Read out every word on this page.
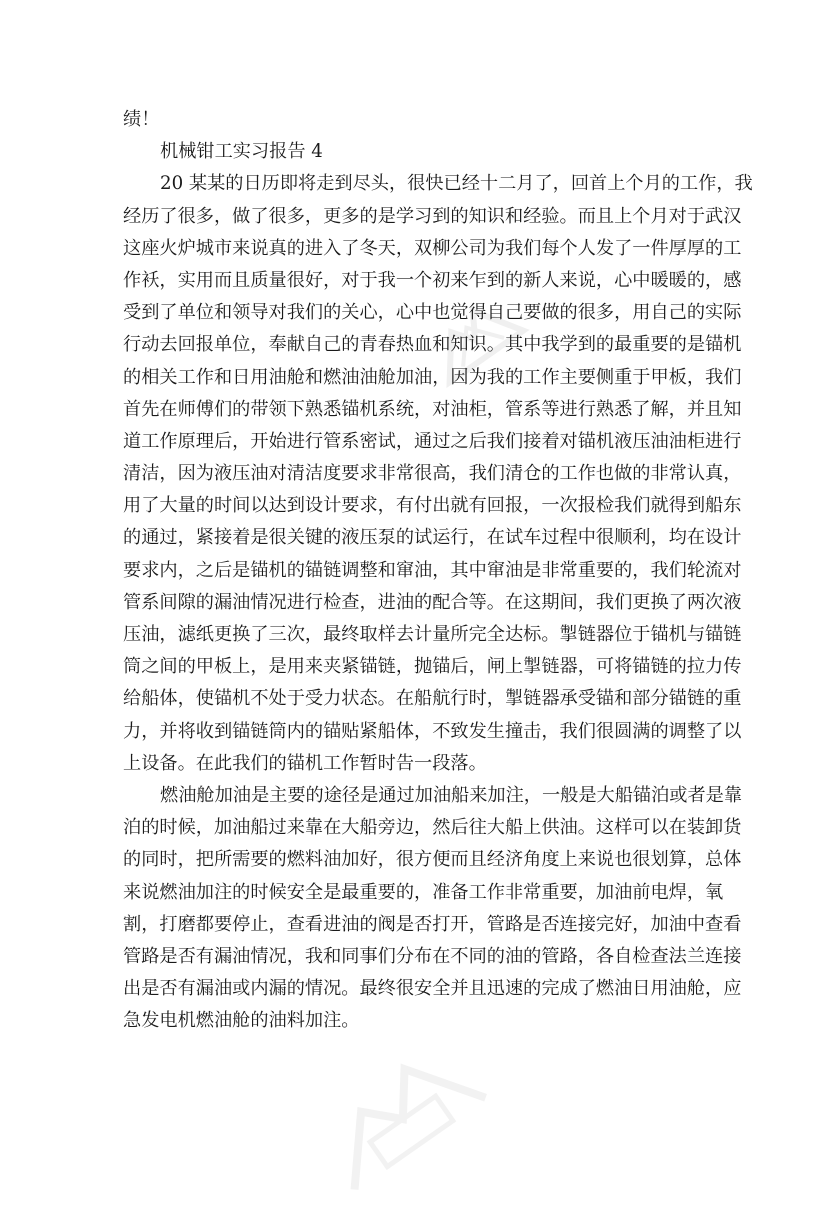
绩！
机械钳工实习报告 4
20 某某的日历即将走到尽头，很快已经十二月了，回首上个月的工作，我
经历了很多，做了很多，更多的是学习到的知识和经验。而且上个月对于武汉
这座火炉城市来说真的进入了冬天，双柳公司为我们每个人发了一件厚厚的工
作袄，实用而且质量很好，对于我一个初来乍到的新人来说，心中暖暖的，感
受到了单位和领导对我们的关心，心中也觉得自己要做的很多，用自己的实际
行动去回报单位，奉献自己的青春热血和知识。其中我学到的最重要的是锚机
的相关工作和日用油舱和燃油油舱加油，因为我的工作主要侧重于甲板，我们
首先在师傅们的带领下熟悉锚机系统，对油柜，管系等进行熟悉了解，并且知
道工作原理后，开始进行管系密试，通过之后我们接着对锚机液压油油柜进行
清洁，因为液压油对清洁度要求非常很高，我们清仓的工作也做的非常认真，
用了大量的时间以达到设计要求，有付出就有回报，一次报检我们就得到船东
的通过，紧接着是很关键的液压泵的试运行，在试车过程中很顺利，均在设计
要求内，之后是锚机的锚链调整和窜油，其中窜油是非常重要的，我们轮流对
管系间隙的漏油情况进行检查，进油的配合等。在这期间，我们更换了两次液
压油，滤纸更换了三次，最终取样去计量所完全达标。掣链器位于锚机与锚链
筒之间的甲板上，是用来夹紧锚链，抛锚后，闸上掣链器，可将锚链的拉力传
给船体，使锚机不处于受力状态。在船航行时，掣链器承受锚和部分锚链的重
力，并将收到锚链筒内的锚贴紧船体，不致发生撞击，我们很圆满的调整了以
上设备。在此我们的锚机工作暂时告一段落。
燃油舱加油是主要的途径是通过加油船来加注，一般是大船锚泊或者是靠
泊的时候，加油船过来靠在大船旁边，然后往大船上供油。这样可以在装卸货
的同时，把所需要的燃料油加好，很方便而且经济角度上来说也很划算，总体
来说燃油加注的时候安全是最重要的，准备工作非常重要，加油前电焊，氧
割，打磨都要停止，查看进油的阀是否打开，管路是否连接完好，加油中查看
管路是否有漏油情况，我和同事们分布在不同的油的管路，各自检查法兰连接
出是否有漏油或内漏的情况。最终很安全并且迅速的完成了燃油日用油舱，应
急发电机燃油舱的油料加注。
